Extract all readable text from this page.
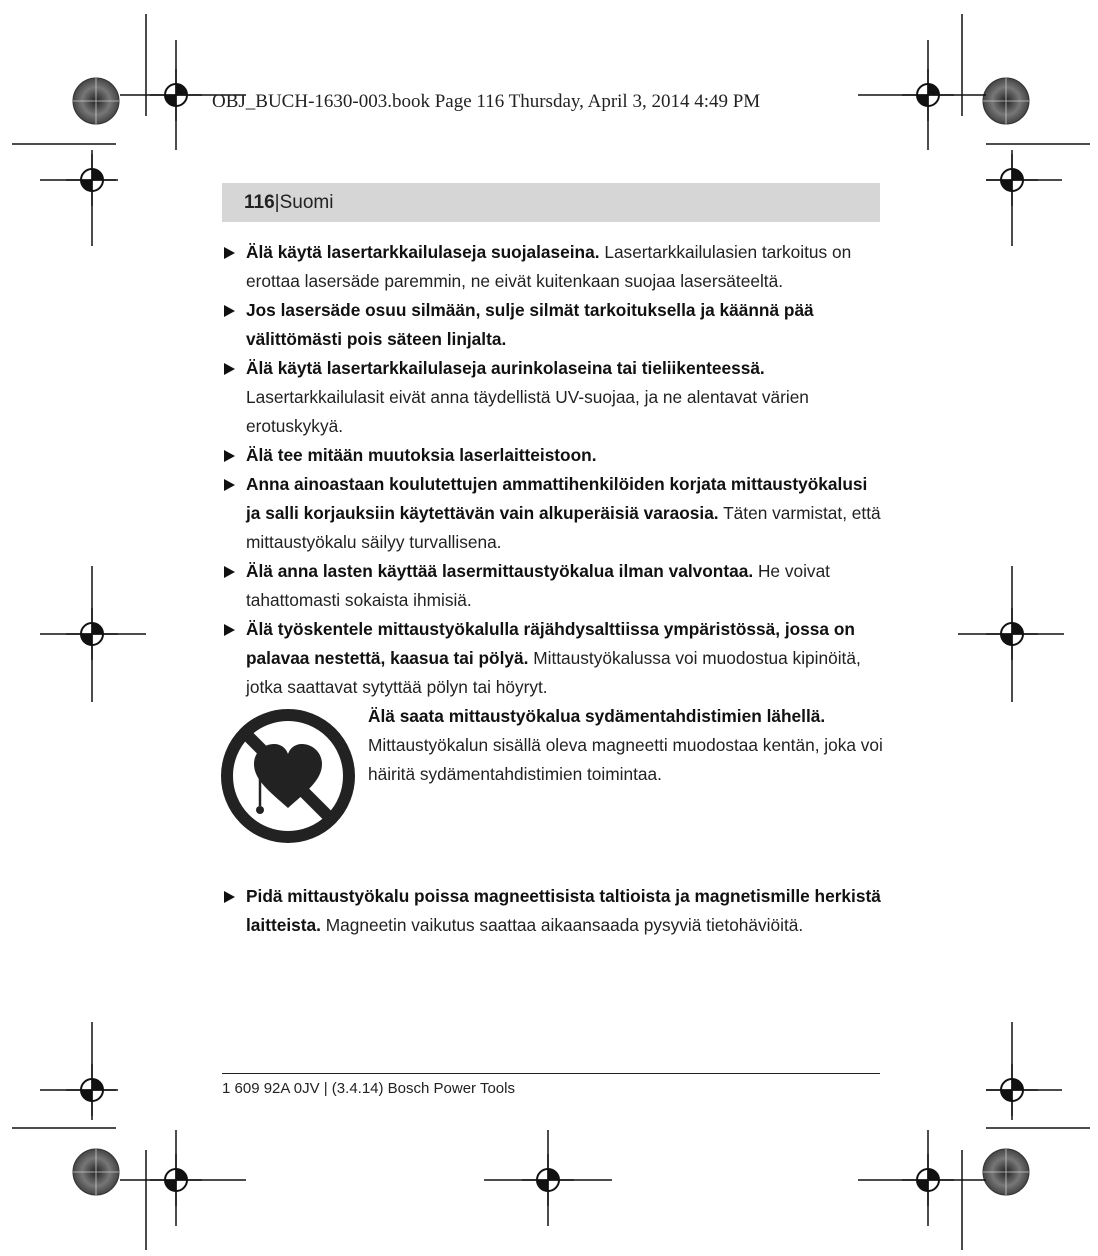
OBJ_BUCH-1630-003.book Page 116 Thursday, April 3, 2014 4:49 PM
116|Suomi
Älä käytä lasertarkkailulaseja suojalaseina. Lasertarkkailulasien tarkoitus on erottaa lasersäde paremmin, ne eivät kuitenkaan suojaa lasersäteeltä.
Jos lasersäde osuu silmään, sulje silmät tarkoituksella ja käännä pää välittömästi pois säteen linjalta.
Älä käytä lasertarkkailulaseja aurinkolaseina tai tieliikenteessä. Lasertarkkailulasit eivät anna täydellistä UV-suojaa, ja ne alentavat värien erotuskykyä.
Älä tee mitään muutoksia laserlaitteistoon.
Anna ainoastaan koulutettujen ammattihenkilöiden korjata mittaustyökalusi ja salli korjauksiin käytettävän vain alkuperäisiä varaosia. Täten varmistat, että mittaustyökalu säilyy turvallisena.
Älä anna lasten käyttää lasermittaustyökalua ilman valvontaa. He voivat tahattomasti sokaista ihmisiä.
Älä työskentele mittaustyökalulla räjähdysalttiissa ympäristössä, jossa on palavaa nestettä, kaasua tai pölyä. Mittaustyökalussa voi muodostua kipinöitä, jotka saattavat sytyttää pölyn tai höyryt.
Älä saata mittaustyökalua sydämentahdistimien lähellä.
Mittaustyökalun sisällä oleva magneetti muodostaa kentän, joka voi häiritä sydämentahdistimien toimintaa.
Pidä mittaustyökalu poissa magneettisista taltioista ja magnetismille herkistä laitteista. Magneetin vaikutus saattaa aikaansaada pysyviä tietohäviöitä.
1 609 92A 0JV | (3.4.14) Bosch Power Tools
